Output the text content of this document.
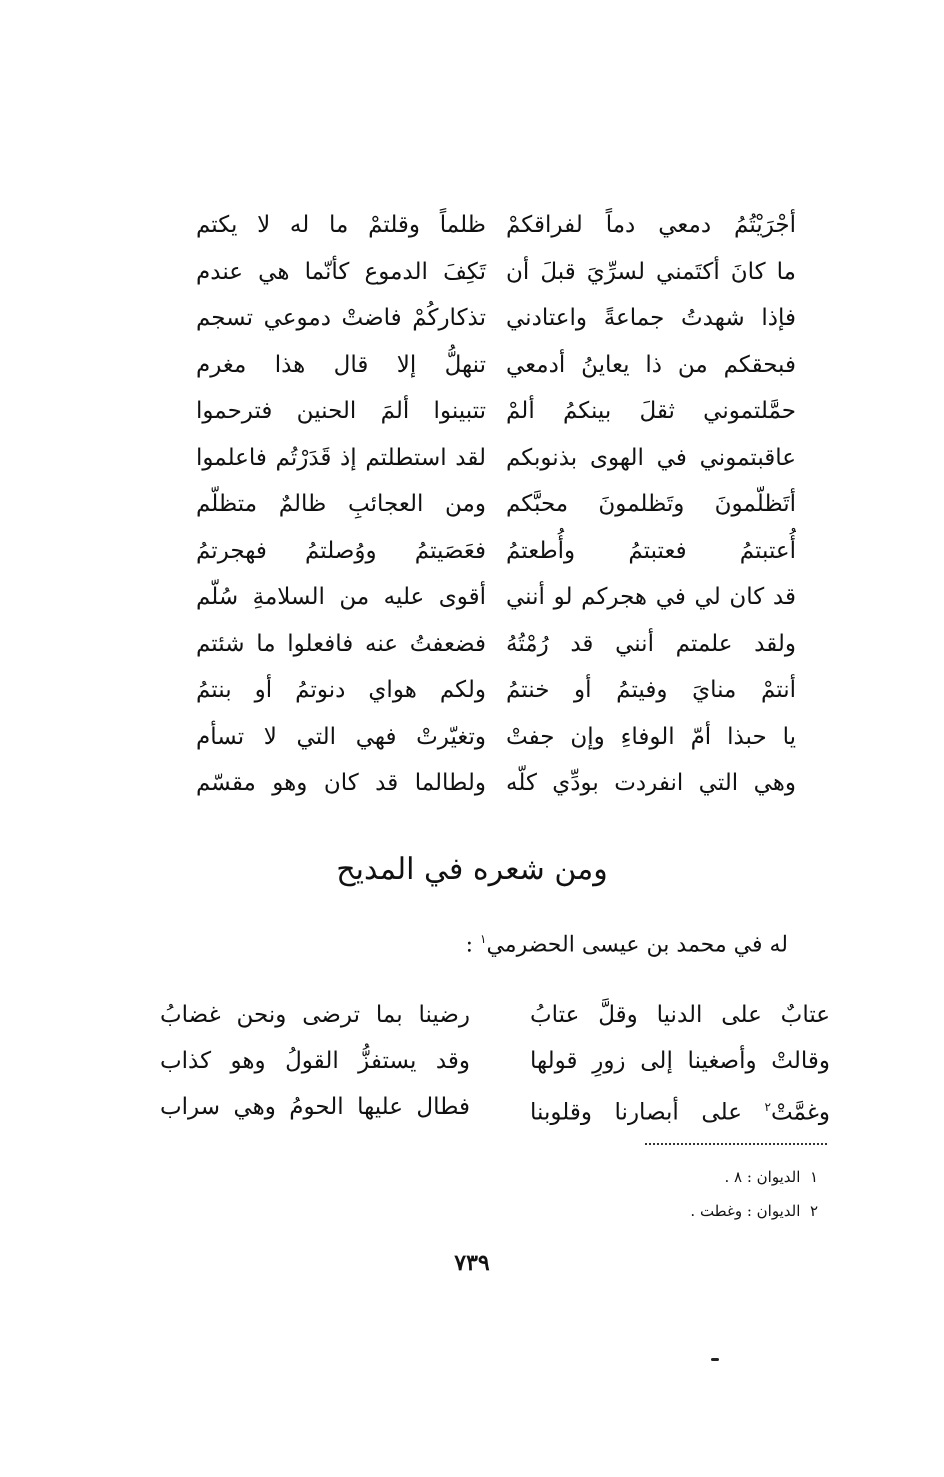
أجْرَيْتُمُ دمعي دماً لفراقكمْ
ظلماً وقلتمْ ما له لا يكتم
ما كانَ أكتَمني لسرِّيَ قبلَ أن
تَكِفَ الدموع كأنّما هي عندم
فإذا شهدتُ جماعةً واعتادني
تذكاركُمْ فاضتْ دموعي تسجم
فبحقكم من ذا يعاينُ أدمعي
تنهلُّ إلا قال هذا مغرم
حمَّلتموني ثقلَ بينكمُ ألمْ
تتبينوا ألمَ الحنين فترحموا
عاقبتموني في الهوى بذنوبكم
لقد استطلتم إذ قَدَرْتُم فاعلموا
أتَظلّمونَ وتَظلمونَ محبَّكم
ومن العجائبِ ظالمٌ متظلّم
أُعتبتمُ فعتبتمُ وأُطعتمُ
فعَصَيتمُ ووُصلتمُ فهجرتمُ
قد كان لي في هجركم لو أنني
أقوى عليه من السلامةِ سُلّم
ولقد علمتم أنني قد رُمْتُهُ
فضعفتُ عنه فافعلوا ما شئتم
أنتمْ منايَ وفيتمُ أو خنتمُ
ولكم هواي دنوتمُ أو بنتمُ
يا حبذا أمّ الوفاءِ وإن جفتْ
وتغيّرتْ فهي التي لا تسأم
وهي التي انفردت بودِّي كلّه
ولطالما قد كان وهو مقسّم
ومن شعره في المديح
له في محمد بن عيسى الحضرمي$^١$ :
عتابٌ على الدنيا وقلَّ عتابُ
رضينا بما ترضى ونحن غضابُ
وقالتْ وأصغينا إلى زورِ قولها
وقد يستفزُّ القولُ وهو كذاب
وغمَّتْ$^٢$ على أبصارنا وقلوبنا
فطال عليها الحومُ وهي سراب
١  الديوان : ٨ .
٢  الديوان : وغطت .
٧٣٩
